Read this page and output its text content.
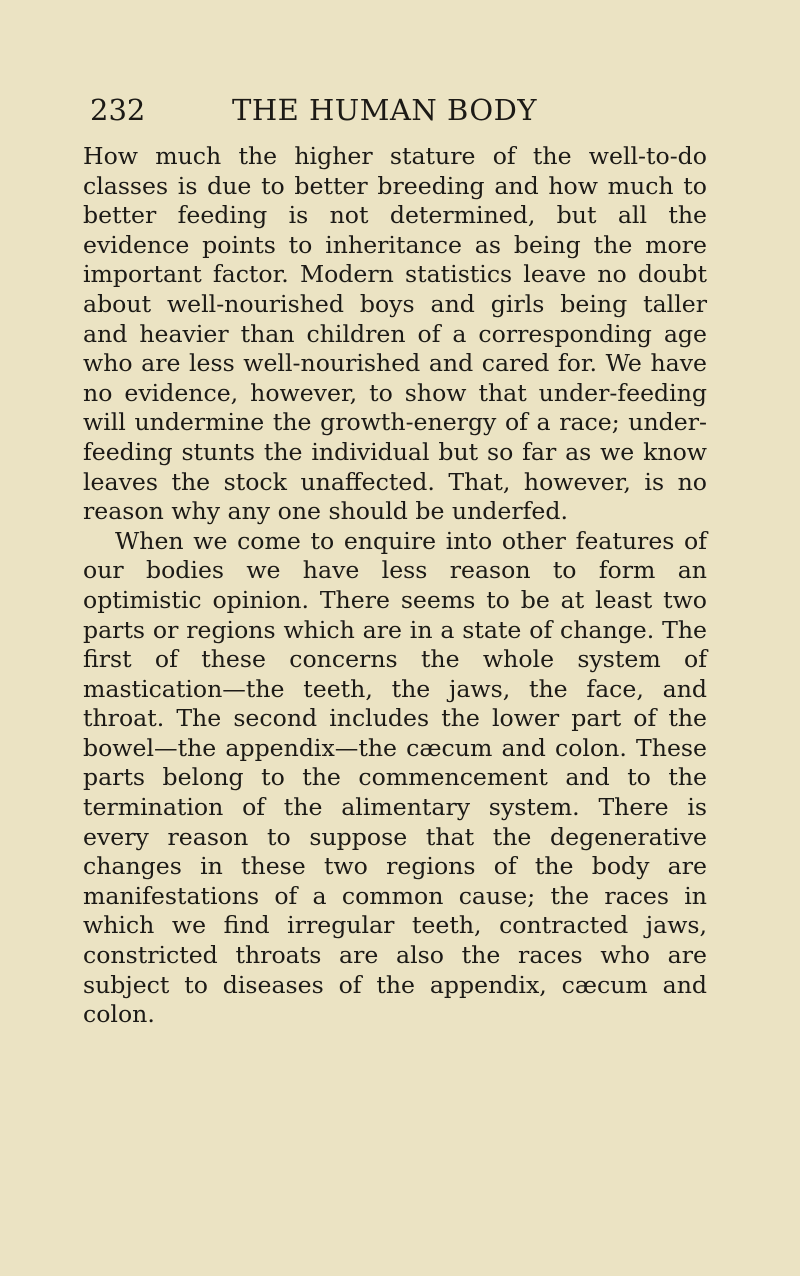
232	THE HUMAN BODY

How much the higher stature of the well-to-do classes is due to better breeding and how much to better feeding is not determined, but all the evidence points to inheritance as being the more important factor. Modern statistics leave no doubt about well-nourished boys and girls being taller and heavier than children of a corresponding age who are less well-nourished and cared for. We have no evidence, however, to show that under-feeding will undermine the growth-energy of a race; under-feeding stunts the individual but so far as we know leaves the stock unaffected. That, however, is no reason why any one should be underfed.

When we come to enquire into other features of our bodies we have less reason to form an optimistic opinion. There seems to be at least two parts or regions which are in a state of change. The first of these concerns the whole system of mastication—the teeth, the jaws, the face, and throat. The second includes the lower part of the bowel—the appendix—the cæcum and colon. These parts belong to the commencement and to the termination of the alimentary system. There is every reason to suppose that the degenerative changes in these two regions of the body are manifestations of a common cause; the races in which we find irregular teeth, contracted jaws, constricted throats are also the races who are subject to diseases of the appendix, cæcum and colon.
